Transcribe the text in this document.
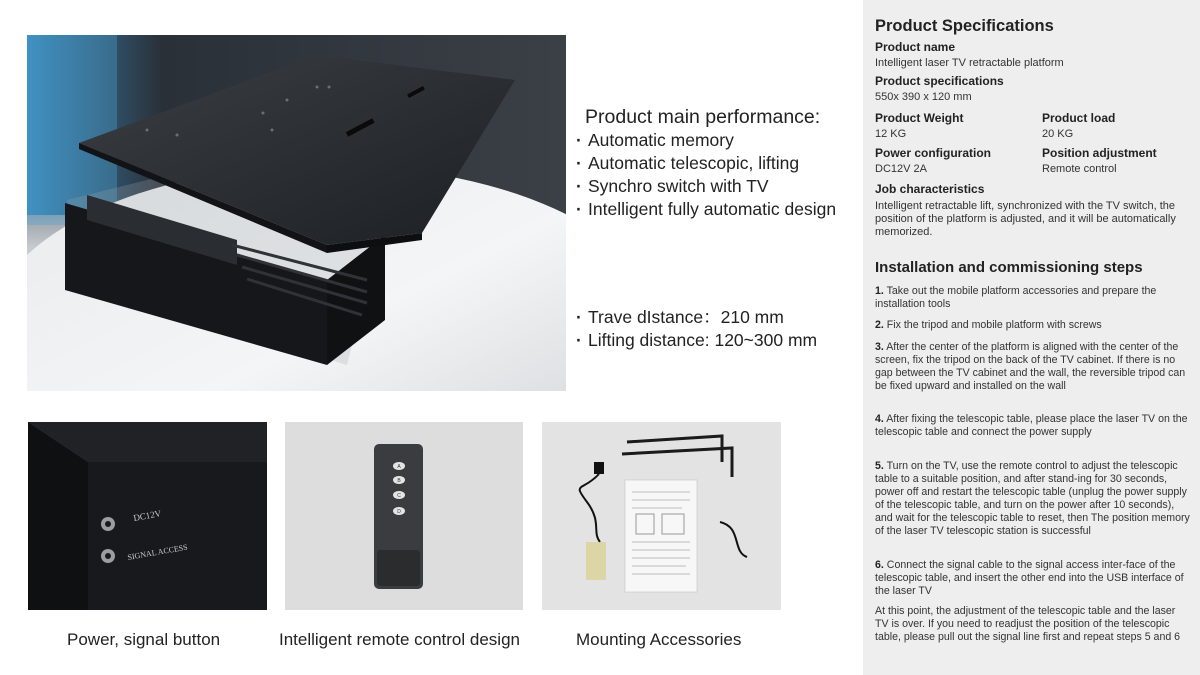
Product main performance:
· Automatic memory
· Automatic telescopic, lifting
· Synchro switch with TV
· Intelligent fully automatic design
· Trave dIstance：210 mm
· Lifting distance: 120~300 mm
DC12V
SIGNAL ACCESS
A
B
C
D
Power, signal button	Intelligent remote control design	Mounting Accessories
Product Specifications
Product name
Intelligent laser TV retractable platform
Product specifications
550x 390 x 120 mm
Product Weight	Product load
12 KG	20 KG
Power configuration	Position adjustment
DC12V 2A	Remote control
Job characteristics
Intelligent retractable lift, synchronized with the TV switch, the position of the platform is adjusted, and it will be automatically memorized.
Installation and commissioning steps
1. Take out the mobile platform accessories and prepare the installation tools
2. Fix the tripod and mobile platform with screws
3. After the center of the platform is aligned with the center of the screen, fix the tripod on the back of the TV cabinet. If there is no gap between the TV cabinet and the wall, the reversible tripod can be fixed upward and installed on the wall
4. After fixing the telescopic table, please place the laser TV on the telescopic table and connect the power supply
5. Turn on the TV, use the remote control to adjust the telescopic table to a suitable position, and after stand-ing for 30 seconds, power off and restart the telescopic table (unplug the power supply of the telescopic table, and turn on the power after 10 seconds), and wait for the telescopic table to reset, then The position memory of the laser TV telescopic station is successful
6. Connect the signal cable to the signal access inter-face of the telescopic table, and insert the other end into the USB interface of the laser TV
At this point, the adjustment of the telescopic table and the laser TV is over. If you need to readjust the position of the telescopic table, please pull out the signal line first and repeat steps 5 and 6
